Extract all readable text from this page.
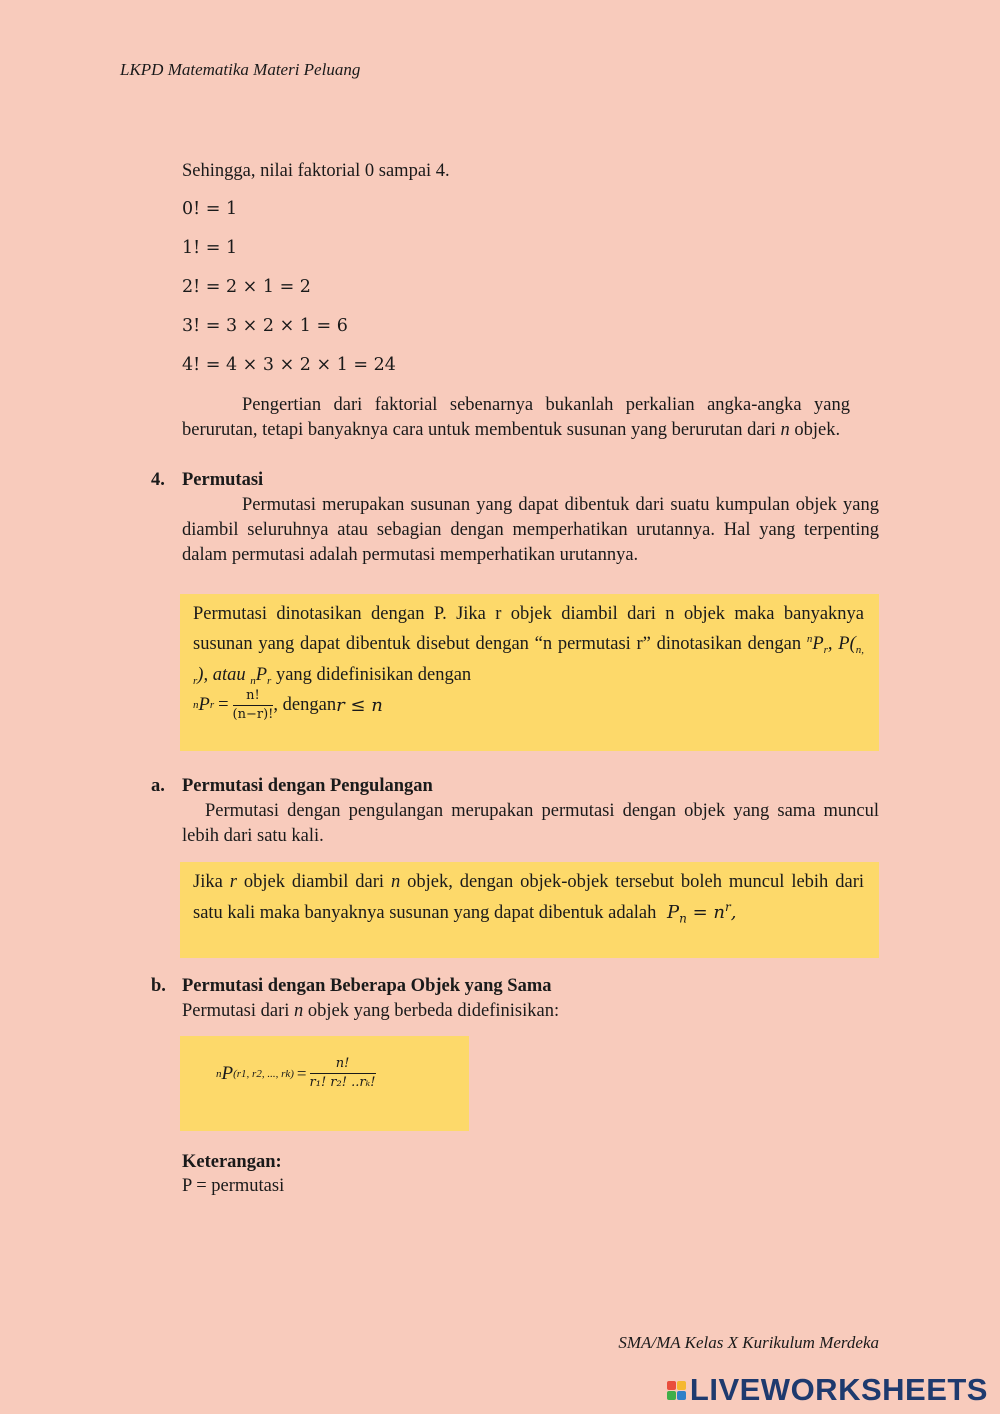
LKPD Matematika Materi Peluang
Sehingga, nilai faktorial 0 sampai 4.
0! = 1
1! = 1
2! = 2 × 1 = 2
3! = 3 × 2 × 1 = 6
4! = 4 × 3 × 2 × 1 = 24
Pengertian dari faktorial sebenarnya bukanlah perkalian angka-angka yang berurutan, tetapi banyaknya cara untuk membentuk susunan yang berurutan dari n objek.
4. Permutasi
Permutasi merupakan susunan yang dapat dibentuk dari suatu kumpulan objek yang diambil seluruhnya atau sebagian dengan memperhatikan urutannya. Hal yang terpenting dalam permutasi adalah permutasi memperhatikan urutannya.
Permutasi dinotasikan dengan P. Jika r objek diambil dari n objek maka banyaknya susunan yang dapat dibentuk disebut dengan “n permutasi r” dinotasikan dengan $^nP_r$, $P(_{n, r})$, atau $_nP_r$ yang didefinisikan dengan
n P $r = \frac{n!}{(n-r)!}$ , dengan r ≤ n
a. Permutasi dengan Pengulangan
Permutasi dengan pengulangan merupakan permutasi dengan objek yang sama muncul lebih dari satu kali.
Jika r objek diambil dari n objek, dengan objek-objek tersebut boleh muncul lebih dari satu kali maka banyaknya susunan yang dapat dibentuk adalah $P_n = n^r$,
b. Permutasi dengan Beberapa Objek yang Sama
Permutasi dari n objek yang berbeda didefinisikan:
n P (r1, r2, ..., $rk) = \frac{n!}{\text{r₁! r₂! ..rₖ!}}$
Keterangan:
P = permutasi
SMA/MA Kelas X Kurikulum Merdeka
LIVEWORKSHEETS
